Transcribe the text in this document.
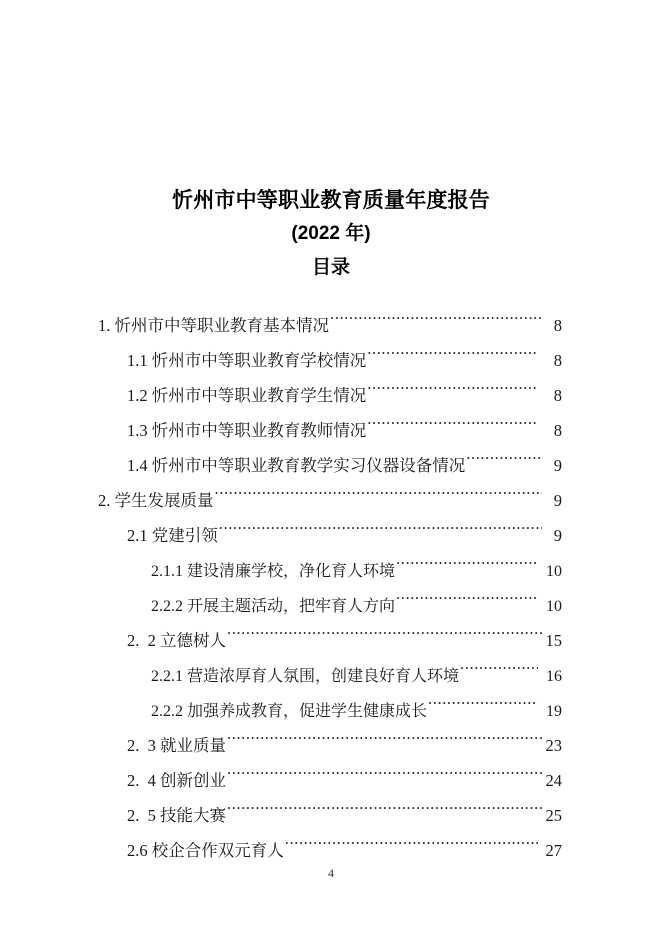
忻州市中等职业教育质量年度报告
(2022 年)
目录
1. 忻州市中等职业教育基本情况 .....	8
1.1 忻州市中等职业教育学校情况 .....	8
1.2 忻州市中等职业教育学生情况 .....	8
1.3 忻州市中等职业教育教师情况 .....	8
1.4 忻州市中等职业教育教学实习仪器设备情况 .....	9
2. 学生发展质量 .....	9
2.1 党建引领 .....	9
2.1.1 建设清廉学校，净化育人环境 .....	10
2.2.2 开展主题活动，把牢育人方向 .....	10
2.  2 立德树人 .....	15
2.2.1 营造浓厚育人氛围，创建良好育人环境 .....	16
2.2.2 加强养成教育，促进学生健康成长 .....	19
2.  3 就业质量 .....	23
2.  4 创新创业 .....	24
2.  5 技能大赛 .....	25
2.6 校企合作双元育人 .....	27
4
